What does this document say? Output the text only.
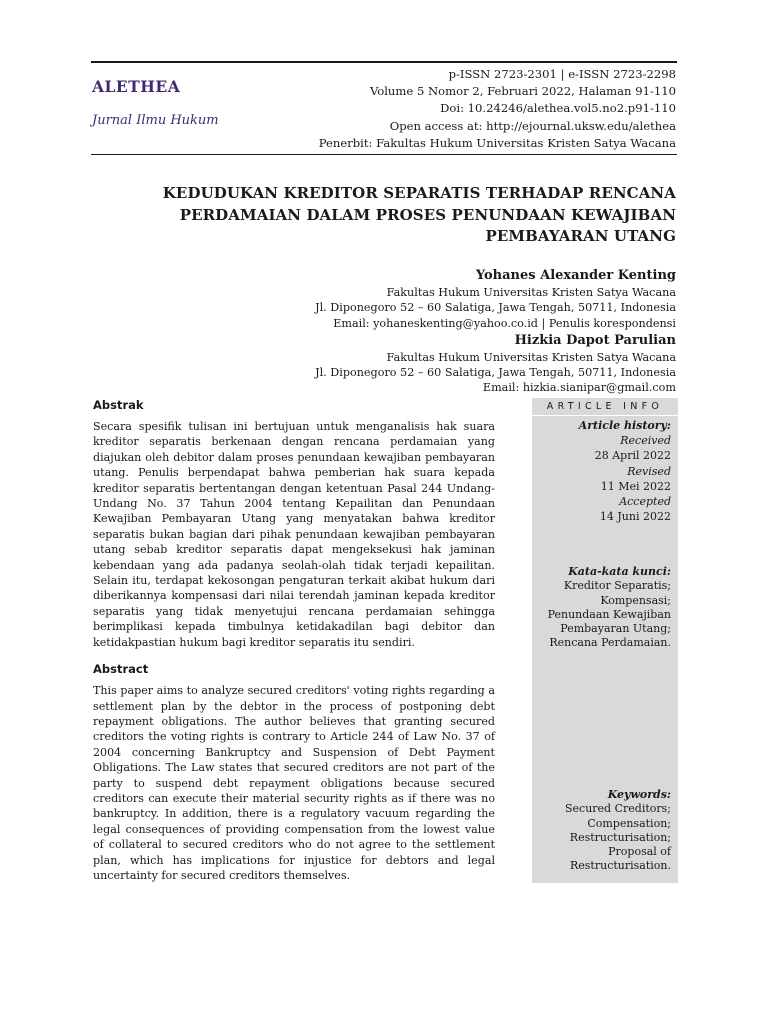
ALETHEA
Jurnal Ilmu Hukum
p-ISSN 2723-2301 | e-ISSN 2723-2298
Volume 5 Nomor 2, Februari 2022, Halaman 91-110
Doi: 10.24246/alethea.vol5.no2.p91-110
Open access at: http://ejournal.uksw.edu/alethea
Penerbit: Fakultas Hukum Universitas Kristen Satya Wacana
KEDUDUKAN KREDITOR SEPARATIS TERHADAP RENCANA
PERDAMAIAN DALAM PROSES PENUNDAAN KEWAJIBAN
PEMBAYARAN UTANG
Yohanes Alexander Kenting
Fakultas Hukum Universitas Kristen Satya Wacana
Jl. Diponegoro 52 – 60 Salatiga, Jawa Tengah, 50711, Indonesia
Email: yohaneskenting@yahoo.co.id | Penulis korespondensi
Hizkia Dapot Parulian
Fakultas Hukum Universitas Kristen Satya Wacana
Jl. Diponegoro 52 – 60 Salatiga, Jawa Tengah, 50711, Indonesia
Email: hizkia.sianipar@gmail.com
Abstrak

Secara spesifik tulisan ini bertujuan untuk menganalisis hak suara kreditor separatis berkenaan dengan rencana perdamaian yang diajukan oleh debitor dalam proses penundaan kewajiban pembayaran utang. Penulis berpendapat bahwa pemberian hak suara kepada kreditor separatis bertentangan dengan ketentuan Pasal 244 Undang-Undang No. 37 Tahun 2004 tentang Kepailitan dan Penundaan Kewajiban Pembayaran Utang yang menyatakan bahwa kreditor separatis bukan bagian dari pihak penundaan kewajiban pembayaran utang sebab kreditor separatis dapat mengeksekusi hak jaminan kebendaan yang ada padanya seolah-olah tidak terjadi kepailitan. Selain itu, terdapat kekosongan pengaturan terkait akibat hukum dari diberikannya kompensasi dari nilai terendah jaminan kepada kreditor separatis yang tidak menyetujui rencana perdamaian sehingga berimplikasi kepada timbulnya ketidakadilan bagi debitor dan ketidakpastian hukum bagi kreditor separatis itu sendiri.

Abstract

This paper aims to analyze secured creditors' voting rights regarding a settlement plan by the debtor in the process of postponing debt repayment obligations. The author believes that granting secured creditors the voting rights is contrary to Article 244 of Law No. 37 of 2004 concerning Bankruptcy and Suspension of Debt Payment Obligations. The Law states that secured creditors are not part of the party to suspend debt repayment obligations because secured creditors can execute their material security rights as if there was no bankruptcy. In addition, there is a regulatory vacuum regarding the legal consequences of providing compensation from the lowest value of collateral to secured creditors who do not agree to the settlement plan, which has implications for injustice for debtors and legal uncertainty for secured creditors themselves.

ARTICLE INFO
Article history:
Received
28 April 2022
Revised
11 Mei 2022
Accepted
14 Juni 2022
Kata-kata kunci:
Kreditor Separatis;
Kompensasi;
Penundaan Kewajiban
Pembayaran Utang;
Rencana Perdamaian.
Keywords:
Secured Creditors;
Compensation;
Restructurisation;
Proposal of
Restructurisation.
